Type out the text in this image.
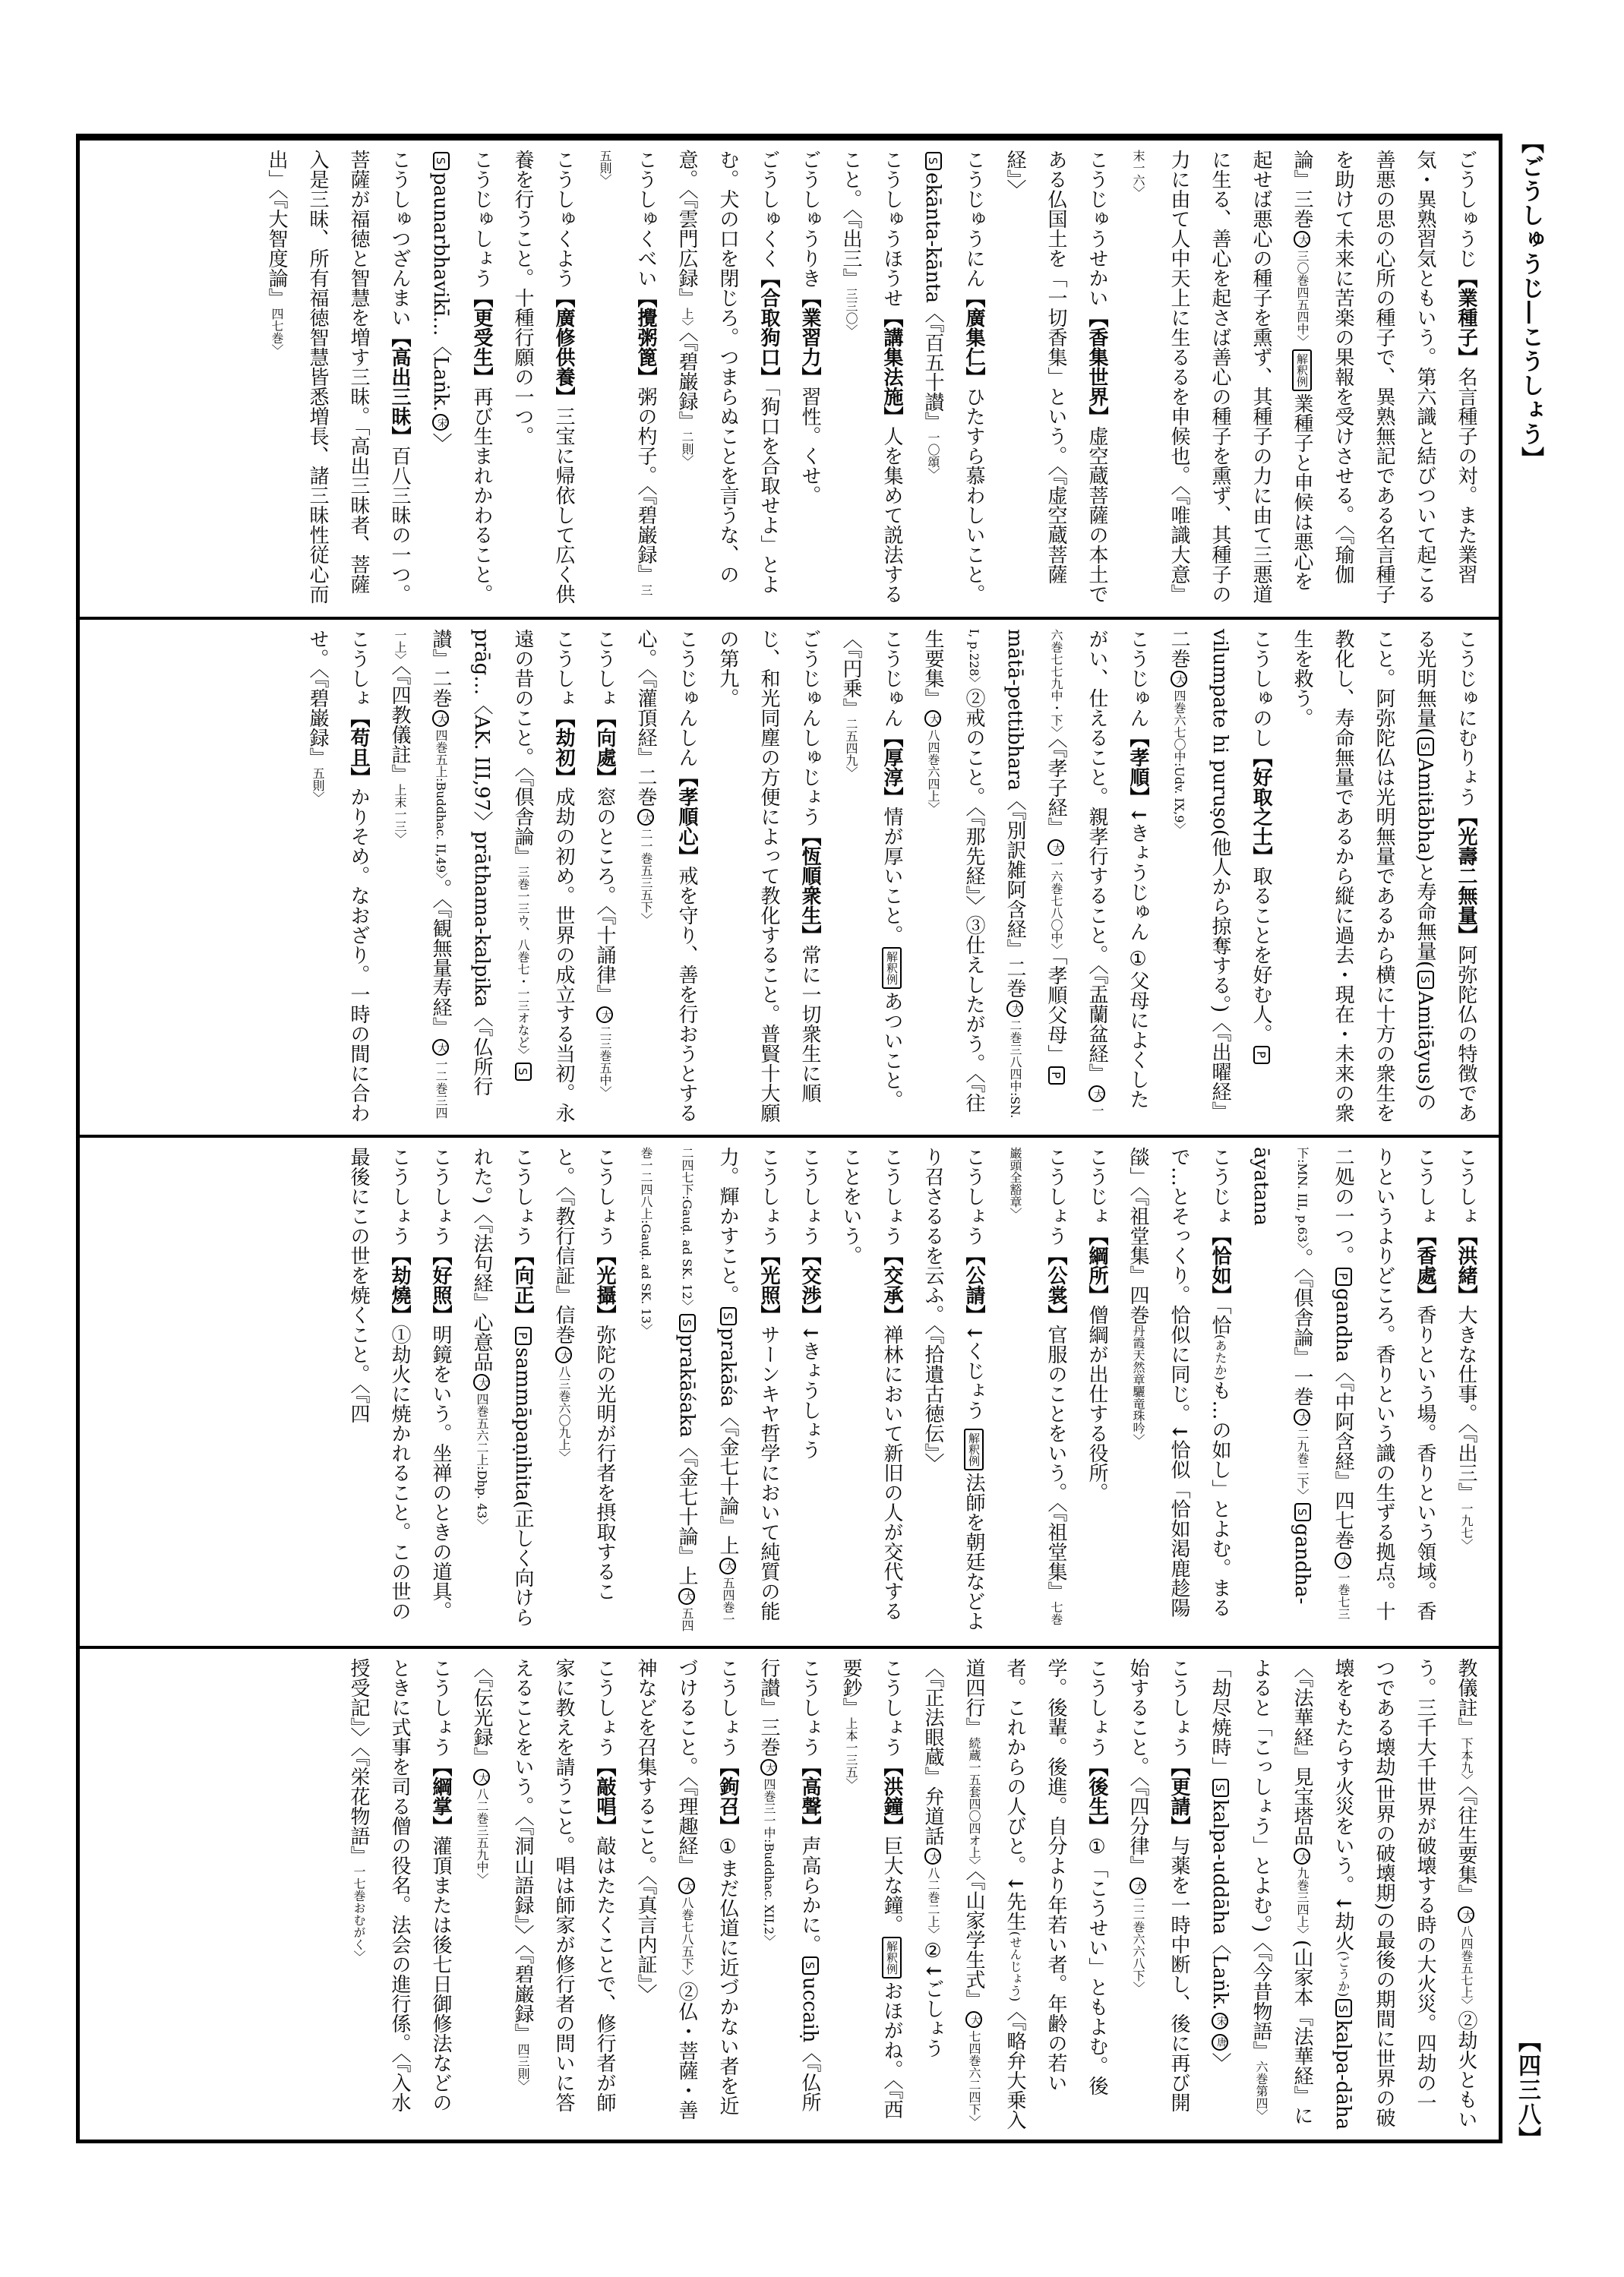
【ごうしゅうじ―こうしょう】
ごうしゅうじ【業種子】名言種子の対。また業習気・異熟習気ともいう。第六識と結びついて起こる善悪の思の心所の種子で、異熟無記である名言種子を助けて未来に苦楽の果報を受けさせる。〈『瑜伽論』三巻大三〇巻四五四中〉解釈例業種子と申候は悪心を起せば悪心の種子を熏ず、其種子の力に由て三悪道に生る、善心を起さば善心の種子を熏ず、其種子の力に由て人中天上に生るるを申候也。〈『唯識大意』末一六〉
こうじゅうせかい【香集世界】虚空蔵菩薩の本土である仏国土を「一切香集」という。〈『虚空蔵菩薩経』〉
こうじゅうにん【廣集仁】ひたすら慕わしいこと。Sekānta-kānta〈『百五十讃』一〇頌〉
こうしゅうほうせ【講集法施】人を集めて説法すること。〈『出三』三三〇〉
ごうしゅうりき【業習力】習性。くせ。
ごうしゅくく【合取狗口】「狗口を合取せよ」とよむ。犬の口を閉じろ。つまらぬことを言うな、の意。〈『雲門広録』上〉〈『碧巌録』二則〉
こうしゅくべい【攪粥篦】粥の杓子。〈『碧巌録』三五則〉
こうしゅくよう【廣修供養】三宝に帰依して広く供養を行うこと。十種行願の一つ。
こうじゅしょう【更受生】再び生まれかわること。Spaunarbhavikī…〈Laṅk.宋〉
こうしゅつざんまい【高出三昧】百八三昧の一つ。菩薩が福徳と智慧を増す三昧。「高出三昧者、菩薩入是三昧、所有福徳智慧皆悉増長、諸三昧性従心而出」〈『大智度論』四七巻〉
こうじゅにむりょう【光壽二無量】阿弥陀仏の特徴である光明無量(SAmitābha)と寿命無量(SAmitāyus)のこと。阿弥陀仏は光明無量であるから横に十方の衆生を教化し、寿命無量であるから縦に過去・現在・未来の衆生を救う。
こうしゅのし【好取之士】取ることを好む人。Pvilumpate hi puruṣo(他人から掠奪する。)〈『出曜経』二巻大四巻六七〇中:Udv. IX,9〉
こうじゅん【孝順】↓きょうじゅん ①父母によくしたがい、仕えること。親孝行すること。〈『盂蘭盆経』大一六巻七七九中・下〉〈『孝子経』大一六巻七八〇中〉「孝順父母」Pmātā-pettibhara〈『別訳雑阿含経』二巻大二巻三八四中:SN. I, p.228〉②戒のこと。〈『那先経』〉③仕えしたがう。〈『往生要集』大八四巻六四上〉
こうじゅん【厚淳】情が厚いこと。解釈例あついこと。〈『円乗』二五四九〉
ごうじゅんしゅじょう【恆順衆生】常に一切衆生に順じ、和光同塵の方便によって教化すること。普賢十大願の第九。
こうじゅんしん【孝順心】戒を守り、善を行おうとする心。〈『灌頂経』二巻大二一巻五三五下〉
こうしょ【向處】窓のところ。〈『十誦律』大二三巻五中〉
こうしょ【劫初】成劫の初め。世界の成立する当初。永遠の昔のこと。〈『倶舎論』三巻一三ウ、八巻七・一三オなど〉Sprāg…〈AK. III,97〉prāthama-kalpika〈『仏所行讃』二巻大四巻五上:Buddhac. II,49〉。〈『観無量寿経』大一二巻三四一上〉〈『四教儀註』上末一三〉
こうしょ【苟且】かりそめ。なおざり。一時の間に合わせ。〈『碧巌録』五則〉
こうしょ【洪緒】大きな仕事。〈『出三』一九七〉
こうしょ【香處】香りという場。香りという領域。香りというよりどころ。香りという識の生ずる拠点。十二処の一つ。Pgandha〈『中阿含経』四七巻大一巻七三下:MN. III, p.63〉。〈『倶舎論』一巻大二九巻二下〉Sgandha-āyatana
こうじょ【恰如】「恰(あたか)も…の如し」とよむ。まるで…とそっくり。恰似に同じ。↓恰似「恰如渇鹿趁陽燄」〈『祖堂集』四巻丹霞天然章驪竜珠吟〉
こうじょ【綱所】僧綱が出仕する役所。
こうしょう【公裳】官服のことをいう。〈『祖堂集』七巻巌頭全豁章〉
こうしょう【公請】↓くじょう 解釈例法師を朝廷などより召さるるを云ふ。〈『拾遺古徳伝』〉
こうしょう【交承】禅林において新旧の人が交代することをいう。
こうしょう【交渉】↓きょうしょう
こうしょう【光照】サーンキヤ哲学において純質の能力。輝かすこと。Sprakāśa〈『金七十論』上大五四巻一二四七下:Gauḍ. ad SK. 12〉Sprakāśaka〈『金七十論』上大五四巻一二四八上:Gauḍ. ad SK. 13〉
こうしょう【光攝】弥陀の光明が行者を摂取すること。〈『教行信証』信巻大八三巻六〇九上〉
こうしょう【向正】Psammāpaṇihita(正しく向けられた。)〈『法句経』心意品大四巻五六二上:Dhp. 43〉
こうしょう【好照】明鏡をいう。坐禅のときの道具。
こうしょう【劫燒】①劫火に焼かれること。この世の最後にこの世を焼くこと。〈『四
教儀註』下本九〉〈『往生要集』大八四巻五七上〉②劫火ともいう。三千大千世界が破壊する時の大火災。四劫の一つである壊劫(世界の破壊期)の最後の期間に世界の破壊をもたらす火災をいう。↓劫火(ごうか)Skalpa-dāha〈『法華経』見宝塔品大九巻三四上〉(山家本『法華経』によると「こっしょう」とよむ。)〈『今昔物語』六巻第四〉「劫尽焼時」Skalpa-uddāha〈Laṅk.宋唐〉
こうしょう【更請】与薬を一時中断し、後に再び開始すること。〈『四分律』大二二巻六六八下〉
こうしょう【後生】①「こうせい」ともよむ。後学。後輩。後進。自分より年若い者。年齢の若い者。これからの人びと。↓先生(せんじょう)〈『略弁大乗入道四行』続蔵一五套四〇四オ上〉〈『山家学生式』大七四巻六二四下〉〈『正法眼蔵』弁道話大八二巻二上〉②↓ごしょう
こうしょう【洪鐘】巨大な鐘。解釈例おほがね。〈『西要鈔』上本一三五〉
こうしょう【高聲】声高らかに。Succaiḥ〈『仏所行讃』三巻大四巻三一中:Buddhac. XII,2〉
こうしょう【鉤召】①まだ仏道に近づかない者を近づけること。〈『理趣経』大八巻七八五下〉②仏・菩薩・善神などを召集すること。〈『真言内証』〉
こうしょう【敲唱】敲はたたくことで、修行者が師家に教えを請うこと。唱は師家が修行者の問いに答えることをいう。〈『洞山語録』〉〈『碧巌録』四三則〉〈『伝光録』大八二巻三五九中〉
こうしょう【綱掌】灌頂または後七日御修法などのときに式事を司る僧の役名。法会の進行係。〈『入水授受記』〉〈『栄花物語』一七巻おむがく〉
【四三八】
